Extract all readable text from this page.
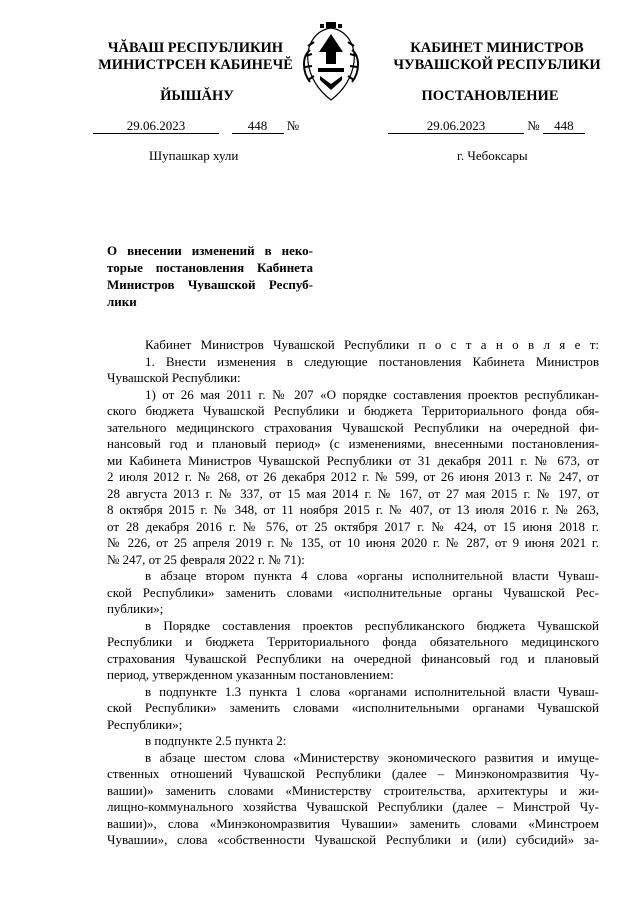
ЧĂВАШ РЕСПУБЛИКИН
МИНИСТРСЕН КАБИНЕЧĔ
КАБИНЕТ МИНИСТРОВ
ЧУВАШСКОЙ РЕСПУБЛИКИ
ЙЫШĂНУ	ПОСТАНОВЛЕНИЕ
29.06.2023	448 №	29.06.2023	№ 448
Шупашкар хули	г. Чебоксары
О внесении изменений в неко-
торые постановления Кабинета
Министров Чувашской Респуб-
лики

Кабинет Министров Чувашской Республики п о с т а н о в л я е т:

1. Внести изменения в следующие постановления Кабинета Министров

Чувашской Республики:

1) от 26 мая 2011 г. № 207 «О порядке составления проектов республикан-

ского бюджета Чувашской Республики и бюджета Территориального фонда обя-

зательного медицинского страхования Чувашской Республики на очередной фи-

нансовый год и плановый период» (с изменениями, внесенными постановления-

ми Кабинета Министров Чувашской Республики от 31 декабря 2011 г. № 673, от

2 июля 2012 г. № 268, от 26 декабря 2012 г. № 599, от 26 июня 2013 г. № 247, от

28 августа 2013 г. № 337, от 15 мая 2014 г. № 167, от 27 мая 2015 г. № 197, от

8 октября 2015 г. № 348, от 11 ноября 2015 г. № 407, от 13 июля 2016 г. № 263,

от 28 декабря 2016 г. № 576, от 25 октября 2017 г. № 424, от 15 июня 2018 г.

№ 226, от 25 апреля 2019 г. № 135, от 10 июня 2020 г. № 287, от 9 июня 2021 г.

№ 247, от 25 февраля 2022 г. № 71):

в абзаце втором пункта 4 слова «органы исполнительной власти Чуваш-

ской Республики» заменить словами «исполнительные органы Чувашской Рес-

публики»;

в Порядке составления проектов республиканского бюджета Чувашской

Республики и бюджета Территориального фонда обязательного медицинского

страхования Чувашской Республики на очередной финансовый год и плановый

период, утвержденном указанным постановлением:

в подпункте 1.3 пункта 1 слова «органами исполнительной власти Чуваш-

ской Республики» заменить словами «исполнительными органами Чувашской

Республики»;

в подпункте 2.5 пункта 2:

в абзаце шестом слова «Министерству экономического развития и имуще-

ственных отношений Чувашской Республики (далее – Минэкономразвития Чу-

вашии)» заменить словами «Министерству строительства, архитектуры и жи-

лищно-коммунального хозяйства Чувашской Республики (далее – Минстрой Чу-

вашии)», слова «Минэкономразвития Чувашии» заменить словами «Минстроем

Чувашии», слова «собственности Чувашской Республики и (или) субсидий» за-
